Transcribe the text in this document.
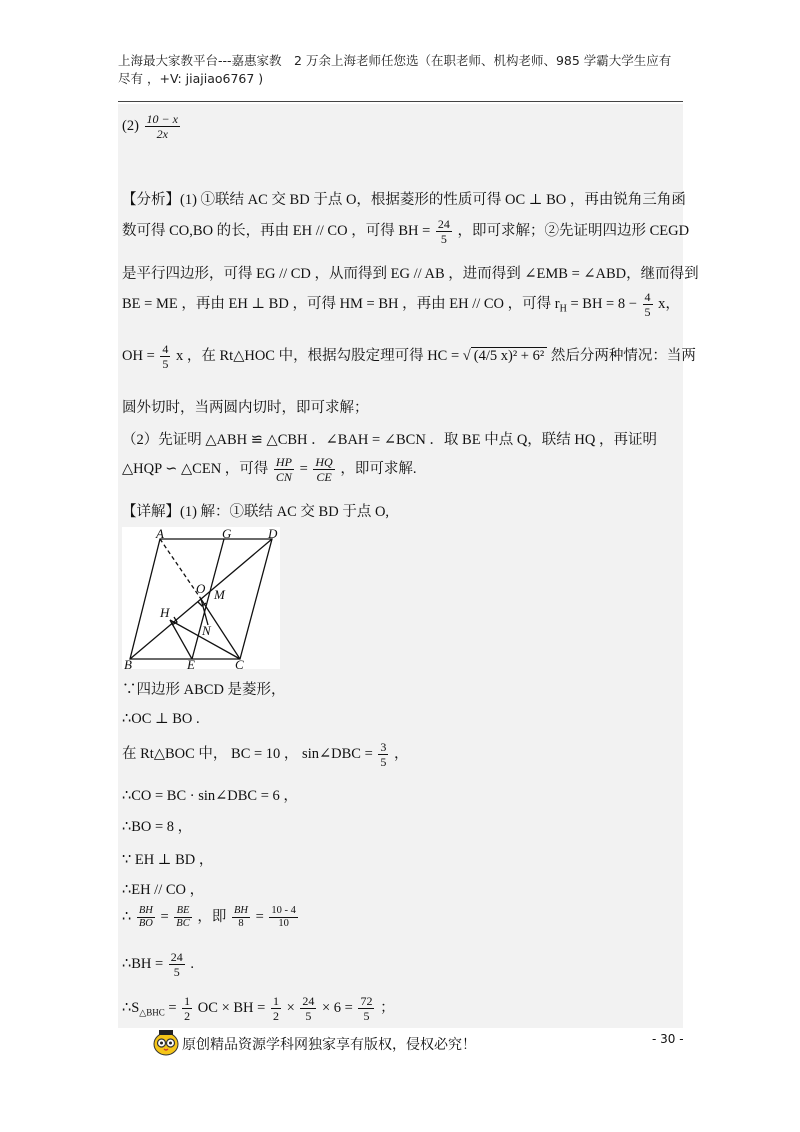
上海最大家教平台---嘉惠家教　2 万余上海老师任您选（在职老师、机构老师、985 学霸大学生应有
尽有 ，+V: jiajiao6767 )
$(2) \frac{10 - x}{2x}$
【分析】(1) ①联结 AC 交 BD 于点 O，根据菱形的性质可得 OC ⊥ BO ，再由锐角三角函
数可得 CO,BO 的长，再由 EH // CO ，可得 BH = $\frac{24}{5}$ ，即可求解；②先证明四边形 CEGD
是平行四边形，可得 EG // CD ，从而得到 EG // AB ，进而得到 ∠EMB = ∠ABD，继而得到
BE = ME ，再由 EH ⊥ BD ，可得 HM = BH ，再由 EH // CO ，可得 $r_H$ = BH = $8 - \frac{4}{5}$ x，
OH = $\frac{4}{5}$ x ，在 Rt△HOC 中，根据勾股定理可得 HC = √ (4/5 x)² + 6² 然后分两种情况：当两
圆外切时，当两圆内切时，即可求解；
（2）先证明 △ABH ≌ △CBH ．∠BAH = ∠BCN ．取 BE 中点 Q，联结 HQ ，再证明
△HQP ∽ △CEN ，可得 $\frac{HP}{CN} = \frac{HQ}{CE}$ ，即可求解.
【详解】(1) 解：①联结 AC 交 BD 于点 O,
A	G	D
O M
H
N
B	E	C
∵四边形 ABCD 是菱形，
∴OC ⊥ BO .
在 Rt△BOC 中， BC = 10 ， sin∠DBC = $\frac{3}{5}$ ，
∴CO = BC · sin∠DBC = 6 ，
∴BO = 8 ，
∵ EH ⊥ BD ，
∴EH // CO ，
∴ $\frac{BH}{BO} = \frac{BE}{BC}$ ，即 $\frac{BH}{8} = \frac{10 - 4}{10}$
∴BH = $\frac{24}{5}$ .
$\therefore S_{\triangle BHC} = \frac{1}{2}$ OC × BH = $\frac{1}{2} \times \frac{24}{5} \times 6 = \frac{72}{5}$ ；
原创精品资源学科网独家享有版权，侵权必究！	- 30 -
